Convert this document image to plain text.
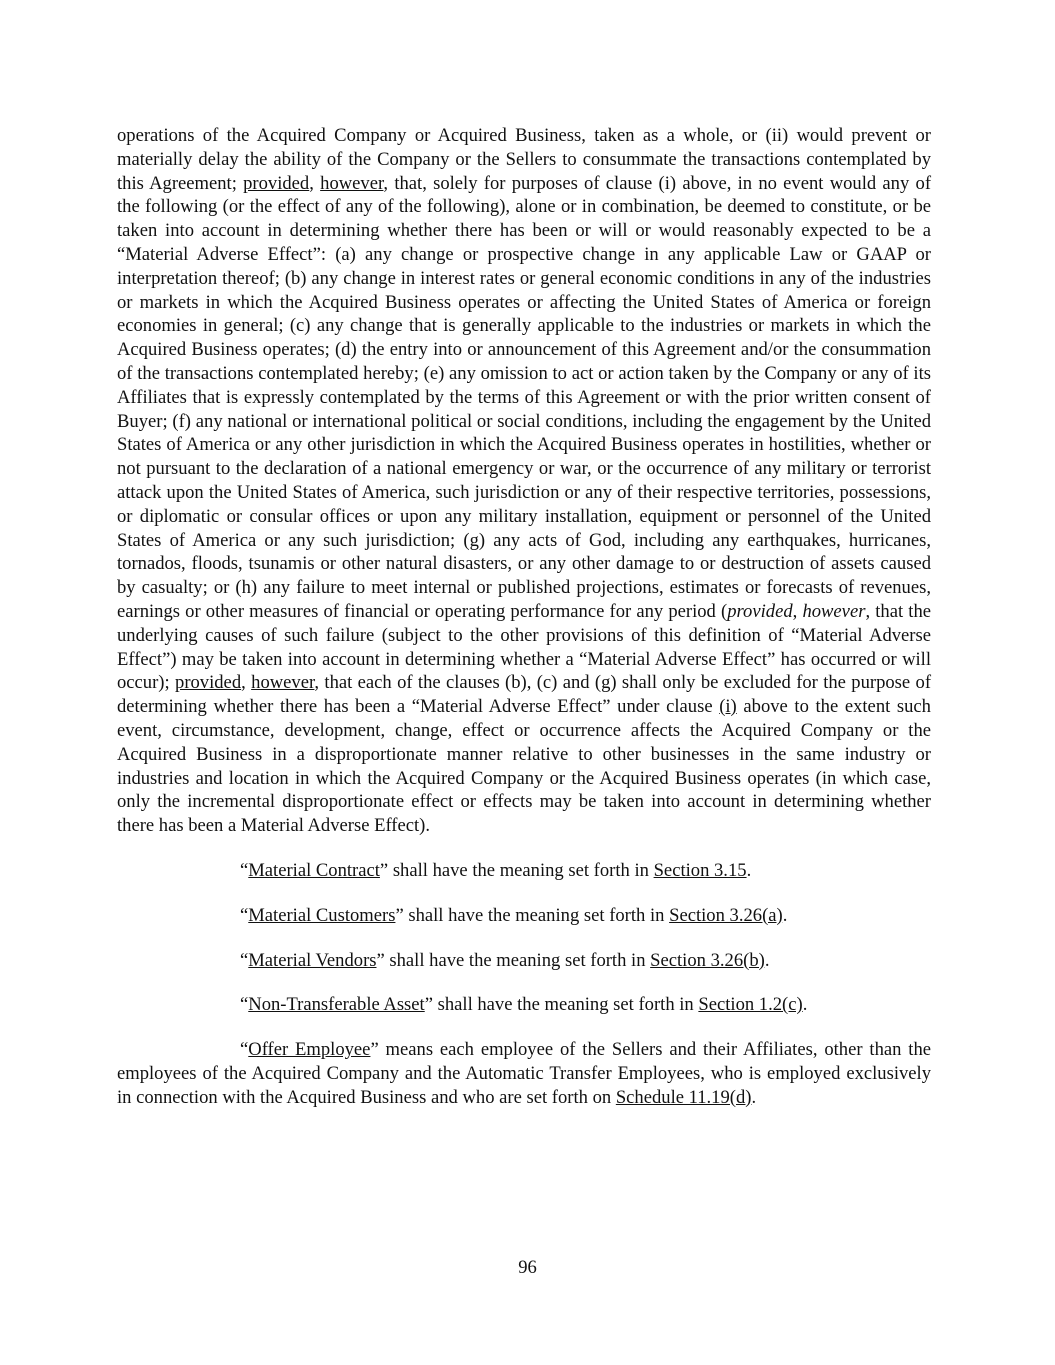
operations of the Acquired Company or Acquired Business, taken as a whole, or (ii) would prevent or materially delay the ability of the Company or the Sellers to consummate the transactions contemplated by this Agreement; provided, however, that, solely for purposes of clause (i) above, in no event would any of the following (or the effect of any of the following), alone or in combination, be deemed to constitute, or be taken into account in determining whether there has been or will or would reasonably expected to be a “Material Adverse Effect”: (a) any change or prospective change in any applicable Law or GAAP or interpretation thereof; (b) any change in interest rates or general economic conditions in any of the industries or markets in which the Acquired Business operates or affecting the United States of America or foreign economies in general; (c) any change that is generally applicable to the industries or markets in which the Acquired Business operates; (d) the entry into or announcement of this Agreement and/or the consummation of the transactions contemplated hereby; (e) any omission to act or action taken by the Company or any of its Affiliates that is expressly contemplated by the terms of this Agreement or with the prior written consent of Buyer; (f) any national or international political or social conditions, including the engagement by the United States of America or any other jurisdiction in which the Acquired Business operates in hostilities, whether or not pursuant to the declaration of a national emergency or war, or the occurrence of any military or terrorist attack upon the United States of America, such jurisdiction or any of their respective territories, possessions, or diplomatic or consular offices or upon any military installation, equipment or personnel of the United States of America or any such jurisdiction; (g) any acts of God, including any earthquakes, hurricanes, tornados, floods, tsunamis or other natural disasters, or any other damage to or destruction of assets caused by casualty; or (h) any failure to meet internal or published projections, estimates or forecasts of revenues, earnings or other measures of financial or operating performance for any period (provided, however, that the underlying causes of such failure (subject to the other provisions of this definition of “Material Adverse Effect”) may be taken into account in determining whether a “Material Adverse Effect” has occurred or will occur); provided, however, that each of the clauses (b), (c) and (g) shall only be excluded for the purpose of determining whether there has been a “Material Adverse Effect” under clause (i) above to the extent such event, circumstance, development, change, effect or occurrence affects the Acquired Company or the Acquired Business in a disproportionate manner relative to other businesses in the same industry or industries and location in which the Acquired Company or the Acquired Business operates (in which case, only the incremental disproportionate effect or effects may be taken into account in determining whether there has been a Material Adverse Effect).

“Material Contract” shall have the meaning set forth in Section 3.15.

“Material Customers” shall have the meaning set forth in Section 3.26(a).

“Material Vendors” shall have the meaning set forth in Section 3.26(b).

“Non-Transferable Asset” shall have the meaning set forth in Section 1.2(c).

“Offer Employee” means each employee of the Sellers and their Affiliates, other than the employees of the Acquired Company and the Automatic Transfer Employees, who is employed exclusively in connection with the Acquired Business and who are set forth on Schedule 11.19(d).

96
